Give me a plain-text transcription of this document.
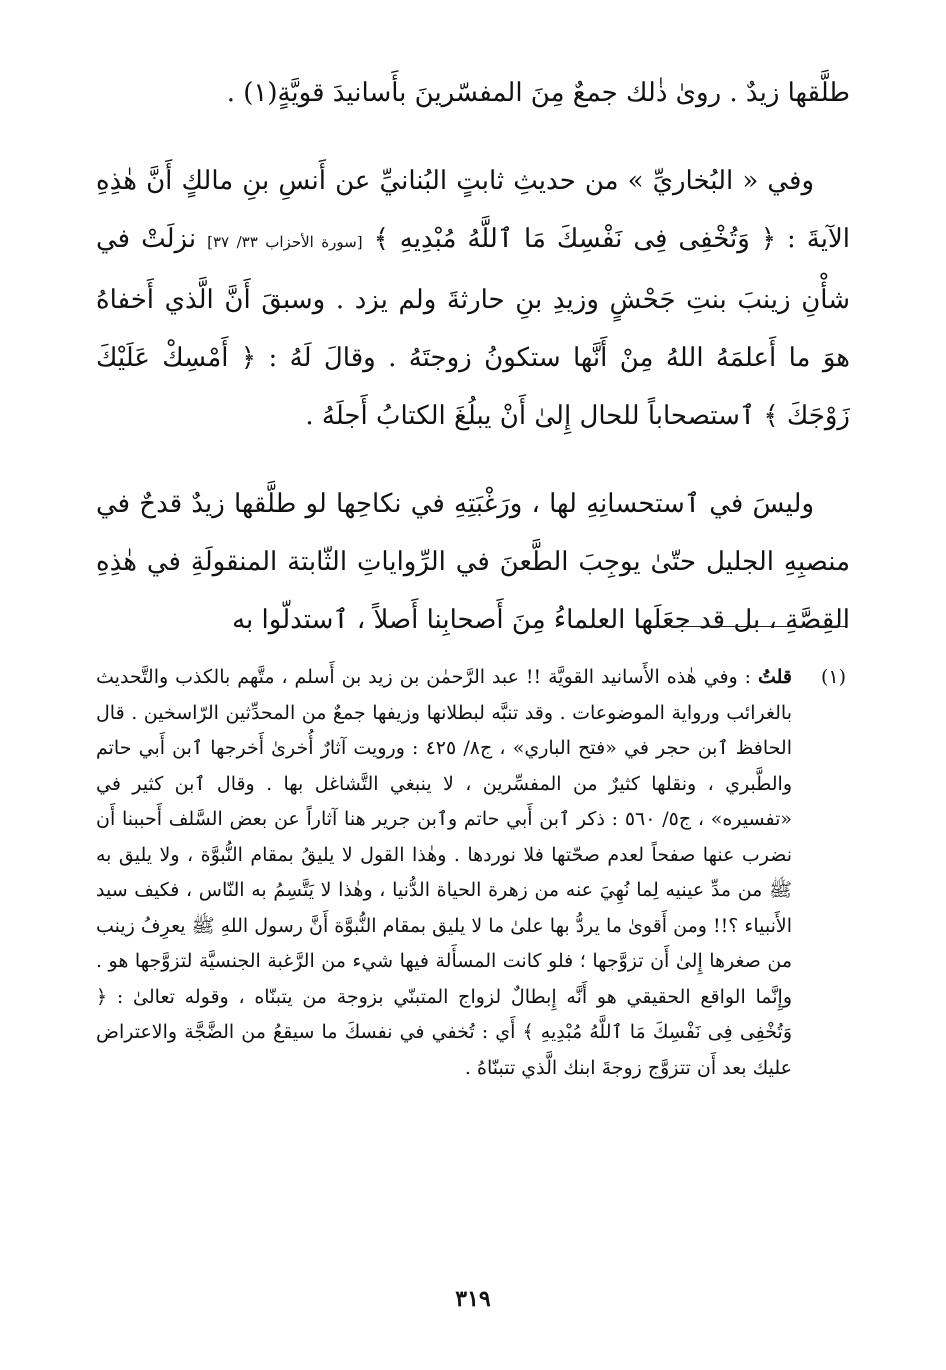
طلَّقها زيدٌ . روىٰ ذٰلك جمعٌ مِنَ المفسّرينَ بأَسانيدَ قويَّةٍ(١) .

وفي « البُخاريِّ » من حديثِ ثابتٍ البُنانيِّ عن أَنسِ بنِ مالكٍ أَنَّ هٰذِهِ الآيةَ : ﴿ وَتُخْفِى فِى نَفْسِكَ مَا ٱللَّهُ مُبْدِيهِ ﴾ [سورة الأحزاب ٣٣/ ٣٧] نزلَتْ في شأْنِ زينبَ بنتِ جَحْشٍ وزيدِ بنِ حارثةَ ولم يزد . وسبقَ أَنَّ الَّذي أَخفاهُ هوَ ما أَعلمَهُ اللهُ مِنْ أَنَّها ستكونُ زوجتَهُ . وقالَ لَهُ : ﴿ أَمْسِكْ عَلَيْكَ زَوْجَكَ ﴾ ٱستصحاباً للحال إِلىٰ أَنْ يبلُغَ الكتابُ أَجلَهُ .

وليسَ في ٱستحسانِهِ لها ، ورَغْبَتِهِ في نكاحِها لو طلَّقها زيدٌ قدحٌ في منصبِهِ الجليل حتّىٰ يوجِبَ الطَّعنَ في الرِّواياتِ الثّابتة المنقولَةِ في هٰذِهِ القِصَّةِ ، بل قد جعَلَها العلماءُ مِنَ أَصحابِنا أَصلاً ، ٱستدلّوا به

(١)
قلتُ : وفي هٰذه الأَسانيد القويَّة !! عبد الرَّحمٰن بن زيد بن أَسلم ، متَّهم بالكذب والتَّحديث بالغرائب ورواية الموضوعات . وقد تنبَّه لبطلانها وزيفها جمعٌ من المحدِّثين الرّاسخين . قال الحافظ ٱبن حجر في «فتح الباري» ، ج٨/ ٤٢٥ : ورويت آثارٌ أُخرىٰ أَخرجها ٱبن أَبي حاتم والطَّبري ، ونقلها كثيرٌ من المفسِّرين ، لا ينبغي التَّشاغل بها . وقال ٱبن كثير في «تفسيره» ، ج٥/ ٥٦٠ : ذكر ٱبن أَبي حاتم وٱبن جرير هنا آثاراً عن بعض السَّلف أَحببنا أَن نضرب عنها صفحاً لعدم صحّتها فلا نوردها . وهٰذا القول لا يليقُ بمقام النُّبوَّة ، ولا يليق به ﷺ من مدِّ عينيه لِما نُهِيَ عنه من زهرة الحياة الدُّنيا ، وهٰذا لا يَتَّسِمُ به النّاس ، فكيف سيد الأَنبياء ؟!! ومن أَقوىٰ ما يردُّ بها علىٰ ما لا يليق بمقام النُّبوَّة أَنَّ رسول اللهِ ﷺ يعرِفُ زينب من صغرها إِلىٰ أَن تزوَّجها ؛ فلو كانت المسأَلة فيها شيء من الرَّغبة الجنسيَّة لتزوَّجها هو . وإِنَّما الواقع الحقيقي هو أَنَّه إِبطالٌ لزواج المتبنّي بزوجة من يتبنّاه ، وقوله تعالىٰ : ﴿ وَتُخْفِى فِى نَفْسِكَ مَا ٱللَّهُ مُبْدِيهِ ﴾ أَي : تُخفي في نفسكَ ما سيقعُ من الضَّجَّة والاعتراض عليك بعد أَن تتزوَّج زوجةَ ابنك الَّذي تتبنّاهُ .
٣١٩
